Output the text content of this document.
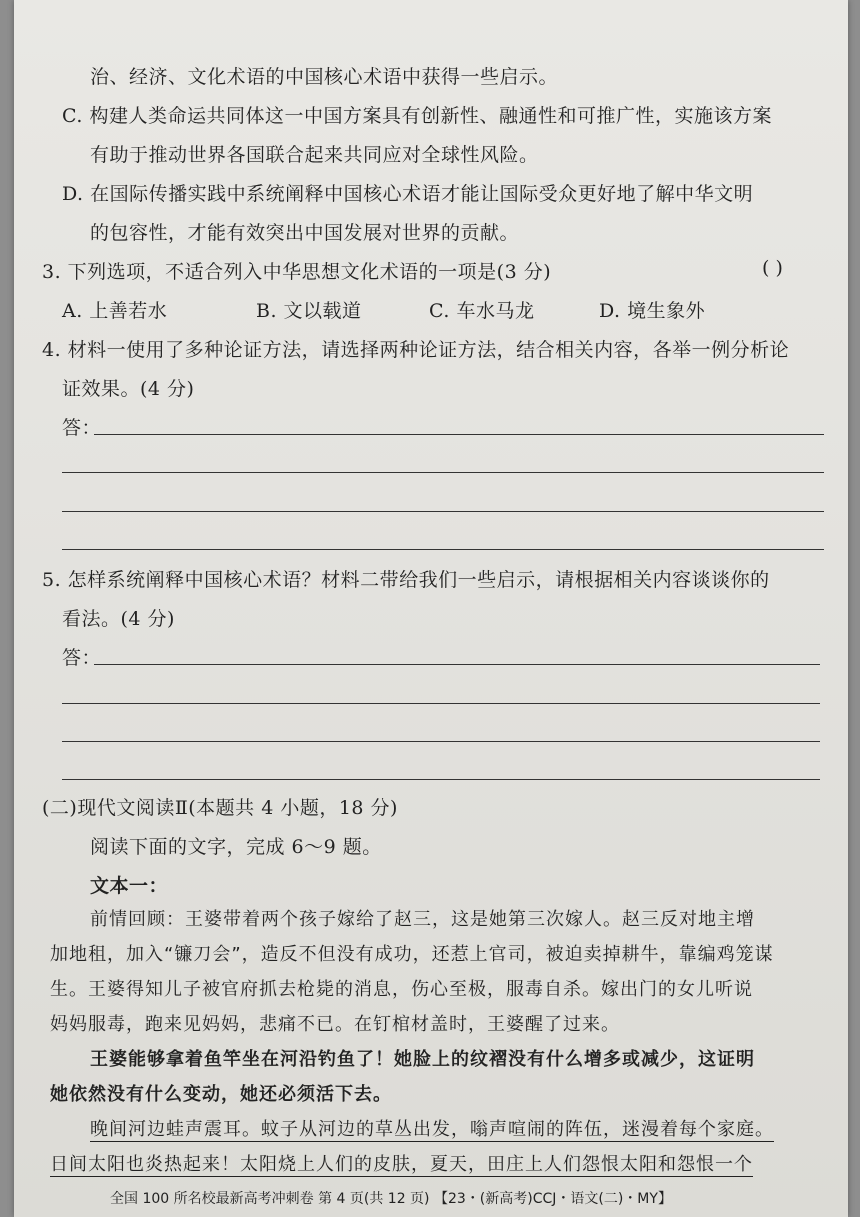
治、经济、文化术语的中国核心术语中获得一些启示。
C. 构建人类命运共同体这一中国方案具有创新性、融通性和可推广性，实施该方案
有助于推动世界各国联合起来共同应对全球性风险。
D. 在国际传播实践中系统阐释中国核心术语才能让国际受众更好地了解中华文明
的包容性，才能有效突出中国发展对世界的贡献。
3. 下列选项，不适合列入中华思想文化术语的一项是(3 分)	( )
A. 上善若水	B. 文以载道	C. 车水马龙	D. 境生象外
4. 材料一使用了多种论证方法，请选择两种论证方法，结合相关内容，各举一例分析论
证效果。(4 分)
答：
5. 怎样系统阐释中国核心术语？材料二带给我们一些启示，请根据相关内容谈谈你的
看法。(4 分)
答：
(二)现代文阅读Ⅱ(本题共 4 小题，18 分)
阅读下面的文字，完成 6～9 题。
文本一：
前情回顾：王婆带着两个孩子嫁给了赵三，这是她第三次嫁人。赵三反对地主增
加地租，加入“镰刀会”，造反不但没有成功，还惹上官司，被迫卖掉耕牛，靠编鸡笼谋
生。王婆得知儿子被官府抓去枪毙的消息，伤心至极，服毒自杀。嫁出门的女儿听说
妈妈服毒，跑来见妈妈，悲痛不已。在钉棺材盖时，王婆醒了过来。
王婆能够拿着鱼竿坐在河沿钓鱼了！她脸上的纹褶没有什么增多或减少，这证明
她依然没有什么变动，她还必须活下去。
晚间河边蛙声震耳。蚊子从河边的草丛出发，嗡声喧闹的阵伍，迷漫着每个家庭。
日间太阳也炎热起来！太阳烧上人们的皮肤，夏天，田庄上人们怨恨太阳和怨恨一个
全国 100 所名校最新高考冲刺卷 第 4 页(共 12 页) 【23・(新高考)CCJ・语文(二)・MY】
